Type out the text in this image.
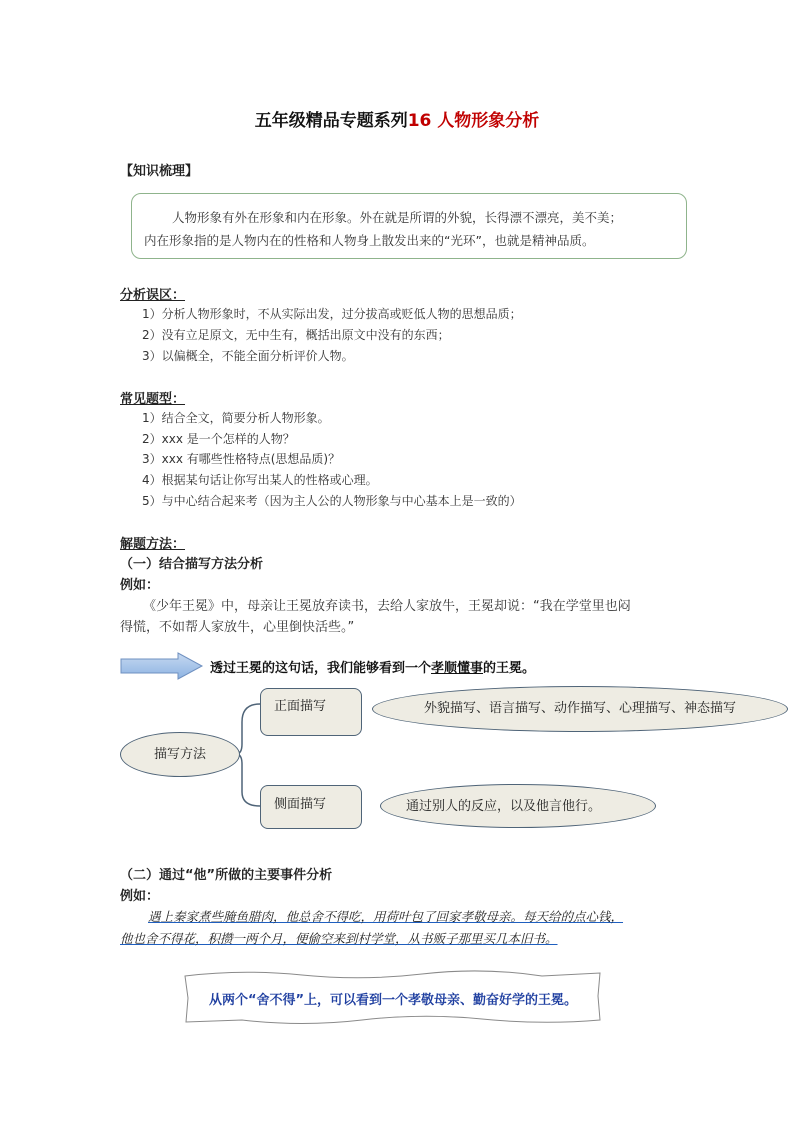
五年级精品专题系列16 人物形象分析
【知识梳理】
人物形象有外在形象和内在形象。外在就是所谓的外貌，长得漂不漂亮，美不美；
内在形象指的是人物内在的性格和人物身上散发出来的“光环”，也就是精神品质。
分析误区：
1）分析人物形象时，不从实际出发，过分拔高或贬低人物的思想品质；
2）没有立足原文，无中生有，概括出原文中没有的东西；
3）以偏概全，不能全面分析评价人物。
常见题型：
1）结合全文，简要分析人物形象。
2）xxx 是一个怎样的人物？
3）xxx 有哪些性格特点(思想品质)？
4）根据某句话让你写出某人的性格或心理。
5）与中心结合起来考（因为主人公的人物形象与中心基本上是一致的）
解题方法：
（一）结合描写方法分析
例如：
《少年王冕》中，母亲让王冕放弃读书，去给人家放牛，王冕却说：“我在学堂里也闷
得慌，不如帮人家放牛，心里倒快活些。”
透过王冕的这句话，我们能够看到一个孝顺懂事的王冕。
描写方法
正面描写	外貌描写、语言描写、动作描写、心理描写、神态描写
侧面描写	通过别人的反应，以及他言他行。
（二）通过“他”所做的主要事件分析
例如：
遇上秦家煮些腌鱼腊肉，他总舍不得吃，用荷叶包了回家孝敬母亲。每天给的点心钱，
他也舍不得花，积攒一两个月，便偷空来到村学堂，从书贩子那里买几本旧书。
从两个“舍不得”上，可以看到一个孝敬母亲、勤奋好学的王冕。
